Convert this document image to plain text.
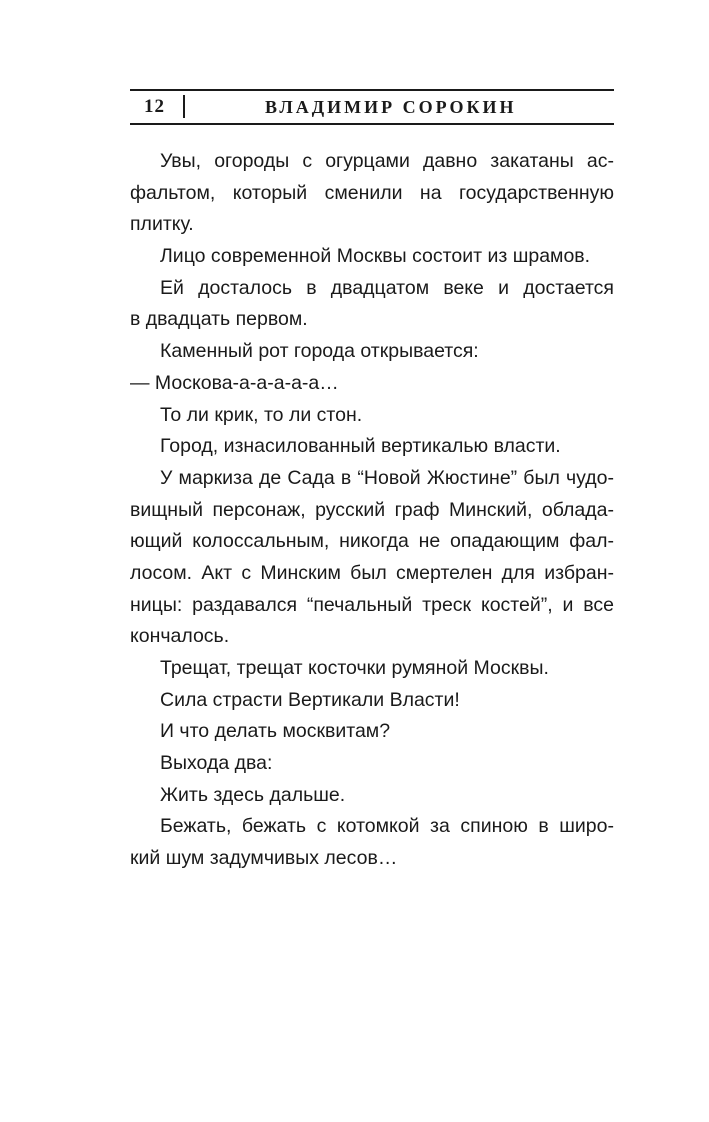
12	ВЛАДИМИР СОРОКИН
Увы, огороды с огурцами давно закатаны ас-
фальтом, который сменили на государственную
плитку.
Лицо современной Москвы состоит из шрамов.
Ей досталось в двадцатом веке и достается
в двадцать первом.
Каменный рот города открывается:
— Москова-а-а-а-а-а…
То ли крик, то ли стон.
Город, изнасилованный вертикалью власти.
У маркиза де Сада в “Новой Жюстине” был чудо-
вищный персонаж, русский граф Минский, облада-
ющий колоссальным, никогда не опадающим фал-
лосом. Акт с Минским был смертелен для избран-
ницы: раздавался “печальный треск костей”, и все
кончалось.
Трещат, трещат косточки румяной Москвы.
Сила страсти Вертикали Власти!
И что делать москвитам?
Выхода два:
Жить здесь дальше.
Бежать, бежать с котомкой за спиною в широ-
кий шум задумчивых лесов…
